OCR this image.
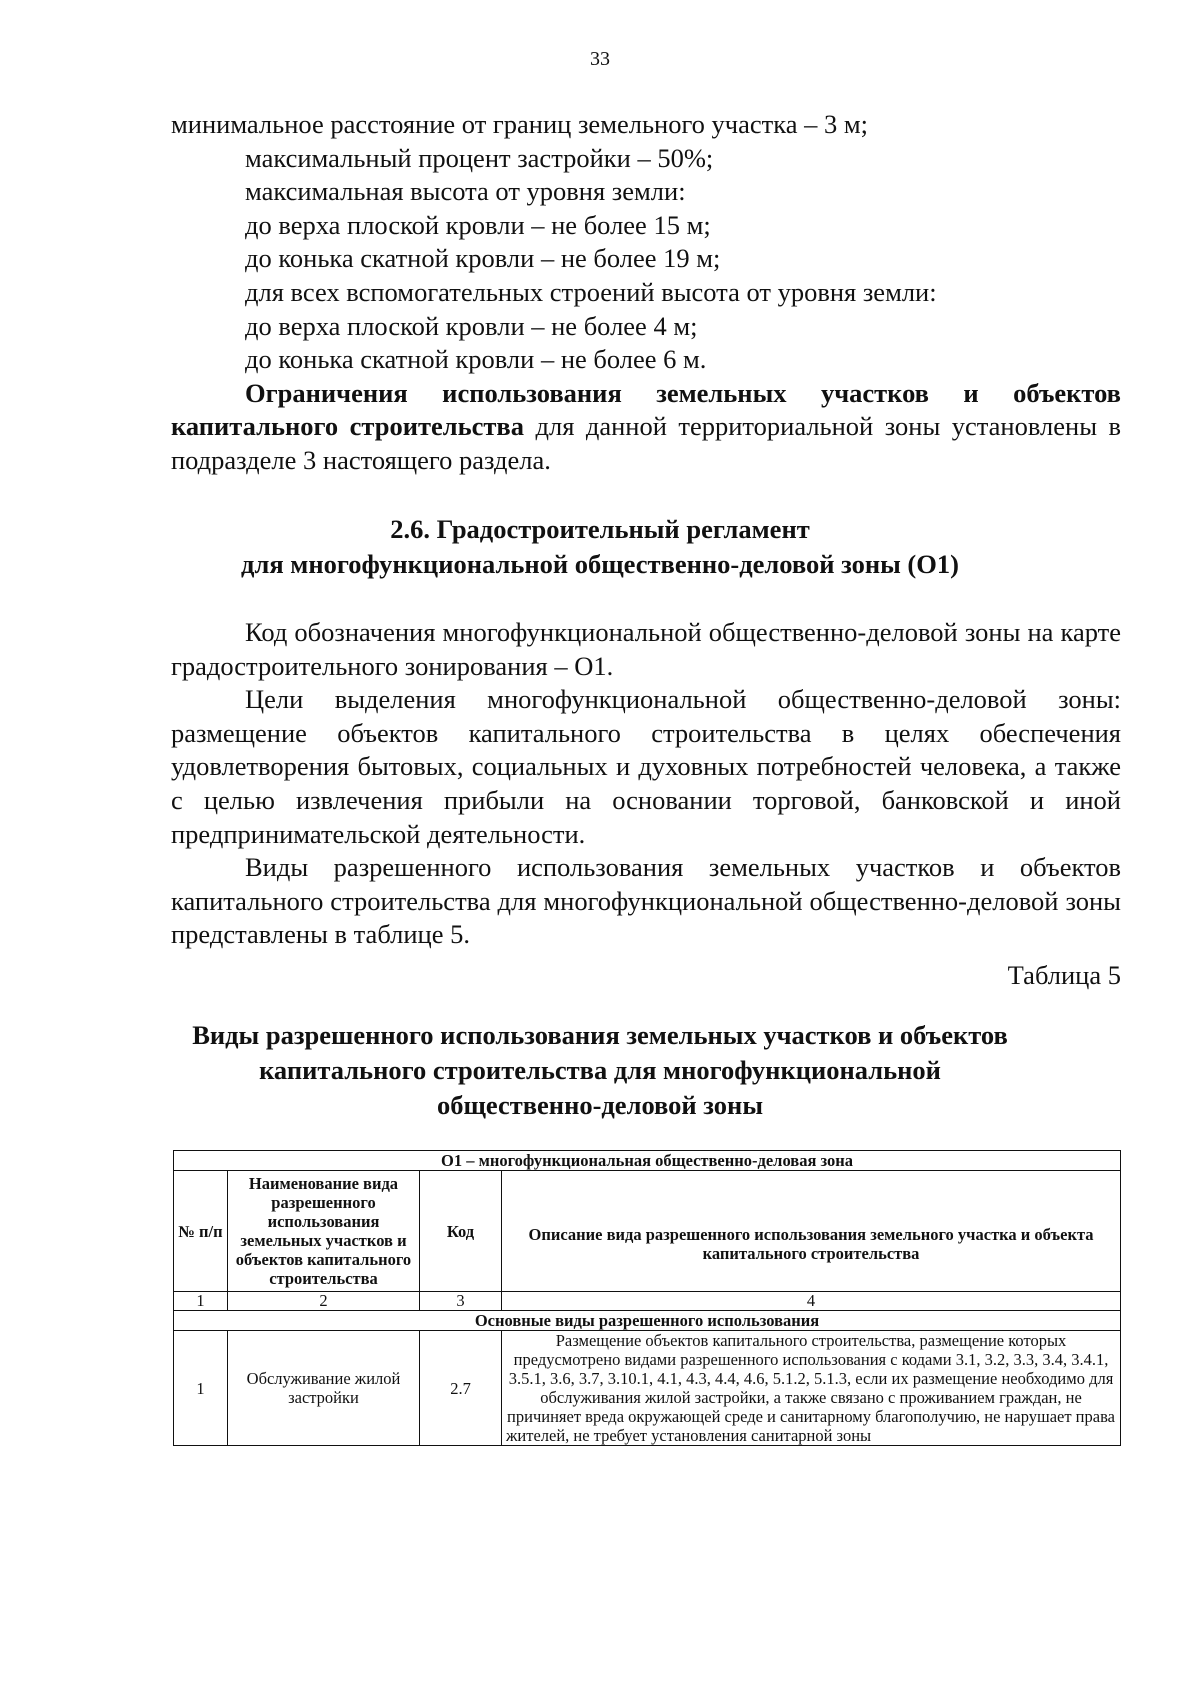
33

минимальное расстояние от границ земельного участка – 3 м;

максимальный процент застройки – 50%;

максимальная высота от уровня земли:

до верха плоской кровли – не более 15 м;

до конька скатной кровли – не более 19 м;

для всех вспомогательных строений высота от уровня земли:

до верха плоской кровли – не более 4 м;

до конька скатной кровли – не более 6 м.

Ограничения использования земельных участков и объектов капитального строительства для данной территориальной зоны установлены в подразделе 3 настоящего раздела.

2.6. Градостроительный регламент
для многофункциональной общественно-деловой зоны (О1)

Код обозначения многофункциональной общественно-деловой зоны на карте градостроительного зонирования – О1.

Цели выделения многофункциональной общественно-деловой зоны: размещение объектов капитального строительства в целях обеспечения удовлетворения бытовых, социальных и духовных потребностей человека, а также с целью извлечения прибыли на основании торговой, банковской и иной предпринимательской деятельности.

Виды разрешенного использования земельных участков и объектов капитального строительства для многофункциональной общественно-деловой зоны представлены в таблице 5.

Таблица 5
Виды разрешенного использования земельных участков и объектов
капитального строительства для многофункциональной
общественно-деловой зоны
О1 – многофункциональная общественно-деловая зона			
№ п/п	Наименование вида разрешенного использования земельных участков и объектов капитального строительства	Код	Описание вида разрешенного использования земельного участка и объекта капитального строительства

1	2	3	4
Основные виды разрешенного использования			
1	Обслуживание жилой застройки	2.7	Размещение объектов капитального строительства, размещение которых предусмотрено видами разрешенного использования с кодами 3.1, 3.2, 3.3, 3.4, 3.4.1, 3.5.1, 3.6, 3.7, 3.10.1, 4.1, 4.3, 4.4, 4.6, 5.1.2, 5.1.3, если их размещение необходимо для обслуживания жилой застройки, а также связано с проживанием граждан, не причиняет вреда окружающей среде и санитарному благополучию, не нарушает права жителей, не требует установления санитарной зоны
